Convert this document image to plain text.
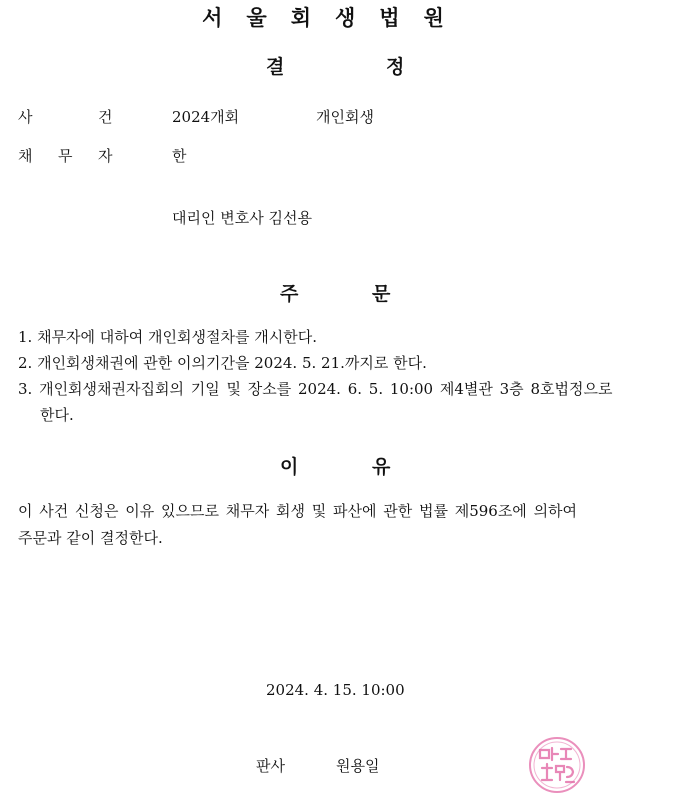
서울회생법원
결	정
사	건	2024개회	개인회생
채 무 자	한
대리인 변호사 김선용
주	문
1. 채무자에 대하여 개인회생절차를 개시한다.
2. 개인회생채권에 관한 이의기간을 2024. 5. 21.까지로 한다.
3. 개인회생채권자집회의 기일 및 장소를 2024. 6. 5. 10:00 제4별관 3층 8호법정으로
한다.
이	유
이 사건 신청은 이유 있으므로 채무자 회생 및 파산에 관한 법률 제596조에 의하여
주문과 같이 결정한다.
2024. 4. 15. 10:00
판사	원용일
